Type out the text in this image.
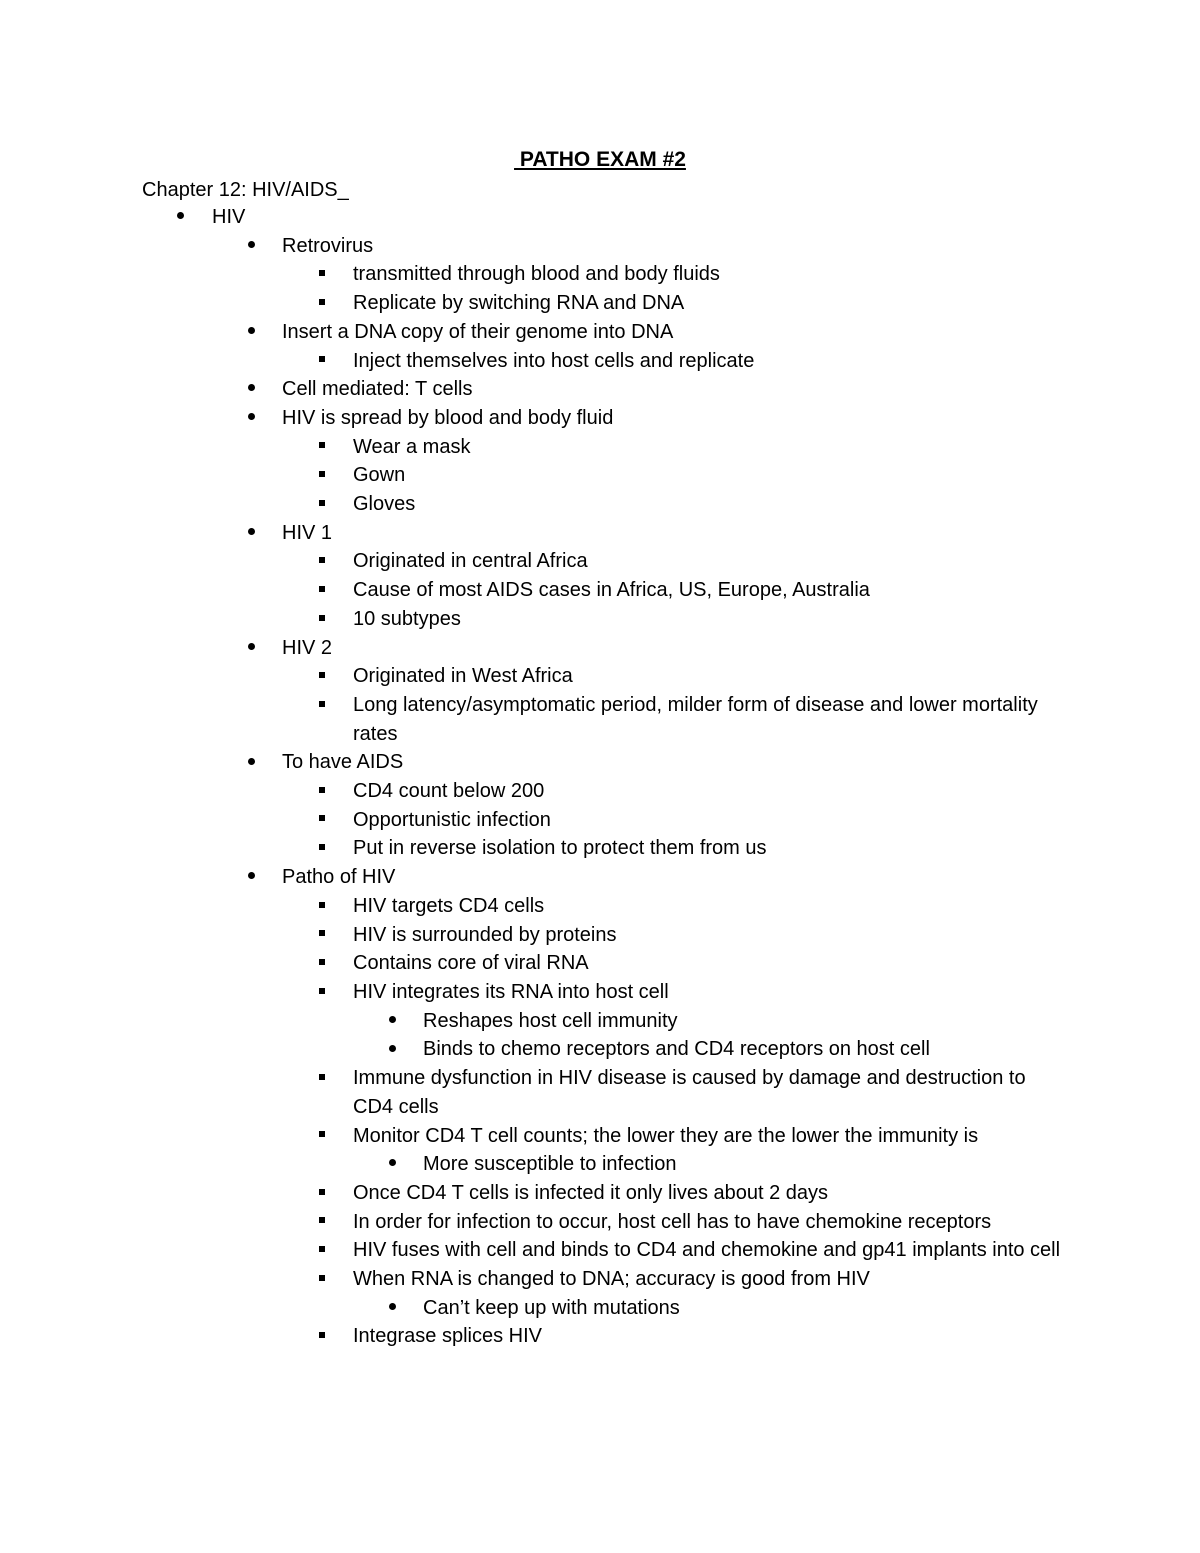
PATHO EXAM #2

Chapter 12: HIV/AIDS_

HIV
Retrovirus
transmitted through blood and body fluids
Replicate by switching RNA and DNA
Insert a DNA copy of their genome into DNA
Inject themselves into host cells and replicate
Cell mediated: T cells
HIV is spread by blood and body fluid
Wear a mask
Gown
Gloves
HIV 1
Originated in central Africa
Cause of most AIDS cases in Africa, US, Europe, Australia
10 subtypes
HIV 2
Originated in West Africa
Long latency/asymptomatic period, milder form of disease and lower mortality rates
To have AIDS
CD4 count below 200
Opportunistic infection
Put in reverse isolation to protect them from us
Patho of HIV
HIV targets CD4 cells
HIV is surrounded by proteins
Contains core of viral RNA
HIV integrates its RNA into host cell
Reshapes host cell immunity
Binds to chemo receptors and CD4 receptors on host cell
Immune dysfunction in HIV disease is caused by damage and destruction to CD4 cells
Monitor CD4 T cell counts; the lower they are the lower the immunity is
More susceptible to infection
Once CD4 T cells is infected it only lives about 2 days
In order for infection to occur, host cell has to have chemokine receptors
HIV fuses with cell and binds to CD4 and chemokine and gp41 implants into cell
When RNA is changed to DNA; accuracy is good from HIV
Can’t keep up with mutations
Integrase splices HIV
